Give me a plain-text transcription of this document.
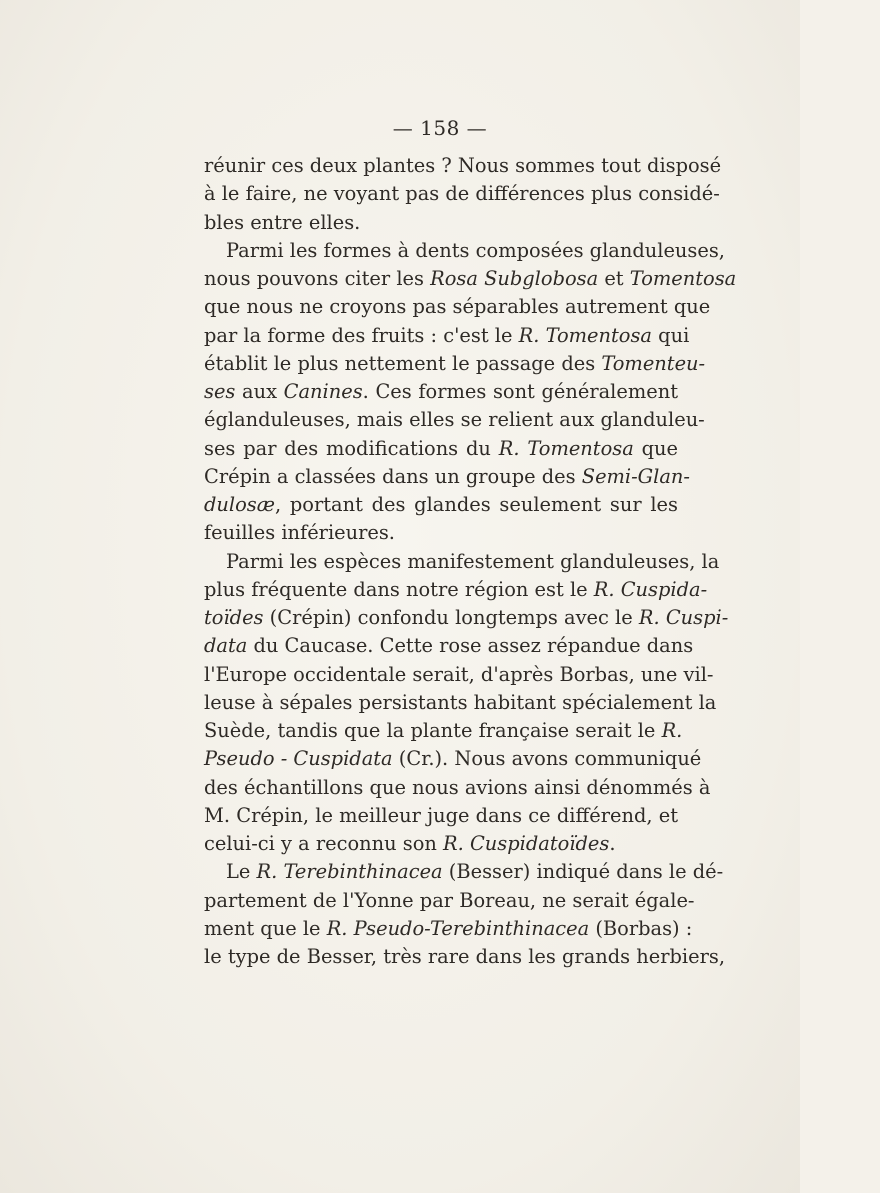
— 158 —
réunir ces deux plantes ? Nous sommes tout disposé
à le faire, ne voyant pas de différences plus considé-
bles entre elles.
Parmi les formes à dents composées glanduleuses,
nous pouvons citer les Rosa Subglobosa et Tomentosa
que nous ne croyons pas séparables autrement que
par la forme des fruits : c'est le R. Tomentosa qui
établit le plus nettement le passage des Tomenteu-
ses aux Canines. Ces formes sont généralement
églanduleuses, mais elles se relient aux glanduleu-
ses par des modifications du R. Tomentosa que
Crépin a classées dans un groupe des Semi-Glan-
dulosæ, portant des glandes seulement sur les
feuilles inférieures.
Parmi les espèces manifestement glanduleuses, la
plus fréquente dans notre région est le R. Cuspida-
toïdes (Crépin) confondu longtemps avec le R. Cuspi-
data du Caucase. Cette rose assez répandue dans
l'Europe occidentale serait, d'après Borbas, une vil-
leuse à sépales persistants habitant spécialement la
Suède, tandis que la plante française serait le R.
Pseudo - Cuspidata (Cr.). Nous avons communiqué
des échantillons que nous avions ainsi dénommés à
M. Crépin, le meilleur juge dans ce différend, et
celui-ci y a reconnu son R. Cuspidatoïdes.
Le R. Terebinthinacea (Besser) indiqué dans le dé-
partement de l'Yonne par Boreau, ne serait égale-
ment que le R. Pseudo-Terebinthinacea (Borbas) :
le type de Besser, très rare dans les grands herbiers,
